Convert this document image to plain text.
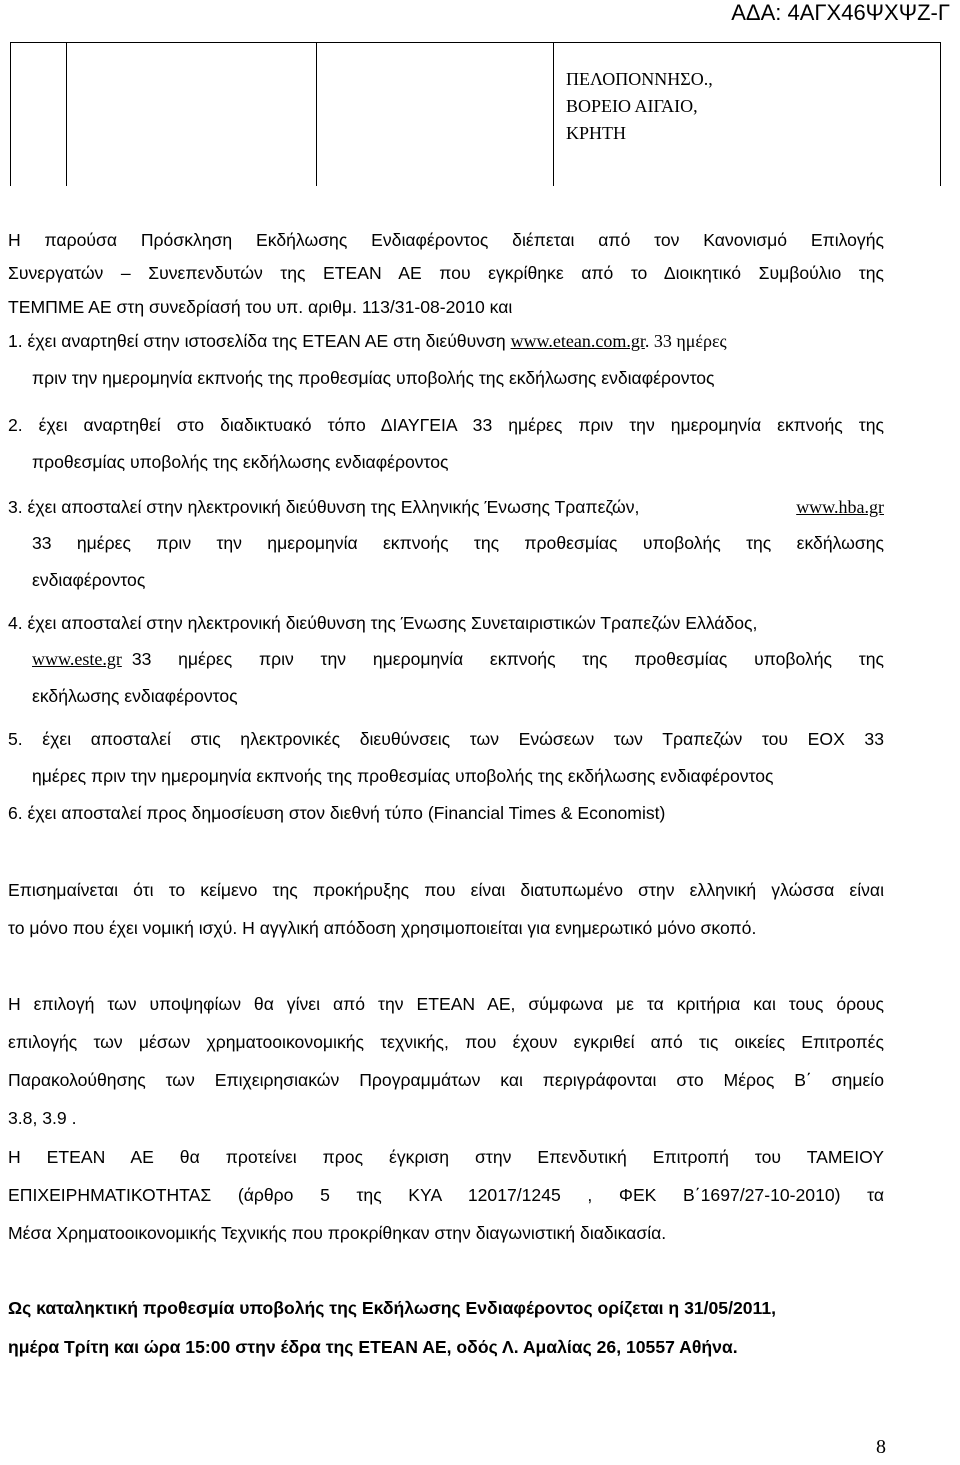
ΑΔΑ: 4ΑΓΧ46ΨΧΨΖ-Γ
ΠΕΛΟΠΟΝΝΗΣΟ.,
ΒΟΡΕΙΟ ΑΙΓΑΙΟ,
ΚΡΗΤΗ
Η παρούσα Πρόσκληση Εκδήλωσης Ενδιαφέροντος διέπεται από τον Κανονισμό Επιλογής
Συνεργατών – Συνεπενδυτών της ΕΤΕΑΝ ΑΕ που εγκρίθηκε από το Διοικητικό Συμβούλιο της
ΤΕΜΠΜΕ ΑΕ στη συνεδρίασή του υπ. αριθμ. 113/31-08-2010 και
1. έχει αναρτηθεί στην ιστοσελίδα της ΕΤΕΑΝ ΑΕ στη διεύθυνση www.etean.com.gr. 33 ημέρες
πριν την ημερομηνία εκπνοής της προθεσμίας υποβολής της εκδήλωσης ενδιαφέροντος
2. έχει αναρτηθεί στο διαδικτυακό τόπο ΔΙΑΥΓΕΙΑ 33 ημέρες πριν την ημερομηνία εκπνοής της
προθεσμίας υποβολής της εκδήλωσης ενδιαφέροντος
3. έχει αποσταλεί στην ηλεκτρονική διεύθυνση της Ελληνικής Ένωσης Τραπεζών,	www.hba.gr
33 ημέρες πριν την ημερομηνία εκπνοής της προθεσμίας υποβολής της εκδήλωσης
ενδιαφέροντος
4. έχει αποσταλεί στην ηλεκτρονική διεύθυνση της Ένωσης Συνεταιριστικών Τραπεζών Ελλάδος,
www.este.gr 33 ημέρες πριν την ημερομηνία εκπνοής της προθεσμίας υποβολής της
εκδήλωσης ενδιαφέροντος
5. έχει αποσταλεί στις ηλεκτρονικές διευθύνσεις των Ενώσεων των Τραπεζών του ΕΟΧ 33
ημέρες πριν την ημερομηνία εκπνοής της προθεσμίας υποβολής της εκδήλωσης ενδιαφέροντος
6. έχει αποσταλεί προς δημοσίευση στον διεθνή τύπο (Financial Times & Economist)
Επισημαίνεται ότι το κείμενο της προκήρυξης που είναι διατυπωμένο στην ελληνική γλώσσα είναι
το μόνο που έχει νομική ισχύ. Η αγγλική απόδοση χρησιμοποιείται για ενημερωτικό μόνο σκοπό.
Η επιλογή των υποψηφίων θα γίνει από την ΕΤΕΑΝ ΑΕ, σύμφωνα με τα κριτήρια και τους όρους
επιλογής των μέσων χρηματοοικονομικής τεχνικής, που έχουν εγκριθεί από τις οικείες Επιτροπές
Παρακολούθησης των Επιχειρησιακών Προγραμμάτων και περιγράφονται στο Μέρος Β΄ σημείο
3.8, 3.9 .
Η ΕΤΕΑΝ ΑΕ θα προτείνει προς έγκριση στην Επενδυτική Επιτροπή του ΤΑΜΕΙΟΥ
ΕΠΙΧΕΙΡΗΜΑΤΙΚΟΤΗΤΑΣ (άρθρο 5 της ΚΥΑ 12017/1245 , ΦΕΚ Β΄1697/27-10-2010) τα
Μέσα Χρηματοοικονομικής Τεχνικής που προκρίθηκαν στην διαγωνιστική διαδικασία.
Ως καταληκτική προθεσμία υποβολής της Εκδήλωσης Ενδιαφέροντος ορίζεται η 31/05/2011,
ημέρα Τρίτη και ώρα 15:00 στην έδρα της ΕΤΕΑΝ ΑΕ, οδός Λ. Αμαλίας 26, 10557 Αθήνα.
8
